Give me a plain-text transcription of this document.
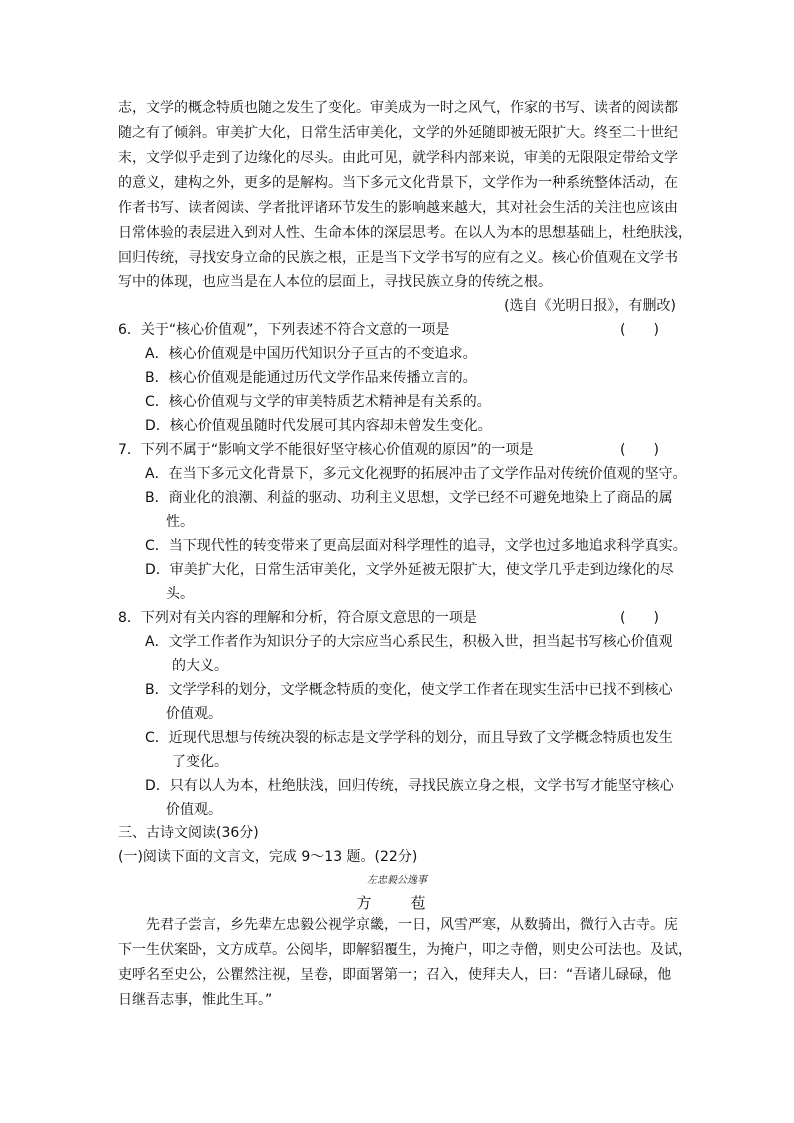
志，文学的概念特质也随之发生了变化。审美成为一时之风气，作家的书写、读者的阅读都
随之有了倾斜。审美扩大化，日常生活审美化，文学的外延随即被无限扩大。终至二十世纪
末，文学似乎走到了边缘化的尽头。由此可见，就学科内部来说，审美的无限限定带给文学
的意义，建构之外，更多的是解构。当下多元文化背景下，文学作为一种系统整体活动，在
作者书写、读者阅读、学者批评诸环节发生的影响越来越大，其对社会生活的关注也应该由
日常体验的表层进入到对人性、生命本体的深层思考。在以人为本的思想基础上，杜绝肤浅，
回归传统，寻找安身立命的民族之根，正是当下文学书写的应有之义。核心价值观在文学书
写中的体现，也应当是在人本位的层面上，寻找民族立身的传统之根。
(选自《光明日报》，有删改)
6．关于“核心价值观”，下列表述不符合文意的一项是	(　　)
A．核心价值观是中国历代知识分子亘古的不变追求。
B．核心价值观是能通过历代文学作品来传播立言的。
C．核心价值观与文学的审美特质艺术精神是有关系的。
D．核心价值观虽随时代发展可其内容却未曾发生变化。
7．下列不属于“影响文学不能很好坚守核心价值观的原因”的一项是	(　　)
A．在当下多元文化背景下，多元文化视野的拓展冲击了文学作品对传统价值观的坚守。
B．商业化的浪潮、利益的驱动、功利主义思想，文学已经不可避免地染上了商品的属
性。
C．当下现代性的转变带来了更高层面对科学理性的追寻，文学也过多地追求科学真实。
D．审美扩大化，日常生活审美化，文学外延被无限扩大，使文学几乎走到边缘化的尽
头。
8．下列对有关内容的理解和分析，符合原文意思的一项是	(　　)
A．文学工作者作为知识分子的大宗应当心系民生，积极入世，担当起书写核心价值观
的大义。
B．文学学科的划分，文学概念特质的变化，使文学工作者在现实生活中已找不到核心
价值观。
C．近现代思想与传统决裂的标志是文学学科的划分，而且导致了文学概念特质也发生
了变化。
D．只有以人为本，杜绝肤浅，回归传统，寻找民族立身之根，文学书写才能坚守核心
价值观。
三、古诗文阅读(36分)
(一)阅读下面的文言文，完成 9～13 题。(22分)
左忠毅公逸事
方　苞
先君子尝言，乡先辈左忠毅公视学京畿，一日，风雪严寒，从数骑出，微行入古寺。庑
下一生伏案卧，文方成草。公阅毕，即解貂覆生，为掩户，叩之寺僧，则史公可法也。及试，
吏呼名至史公，公瞿然注视，呈卷，即面署第一；召入，使拜夫人，曰：“吾诸儿碌碌，他
日继吾志事，惟此生耳。”
